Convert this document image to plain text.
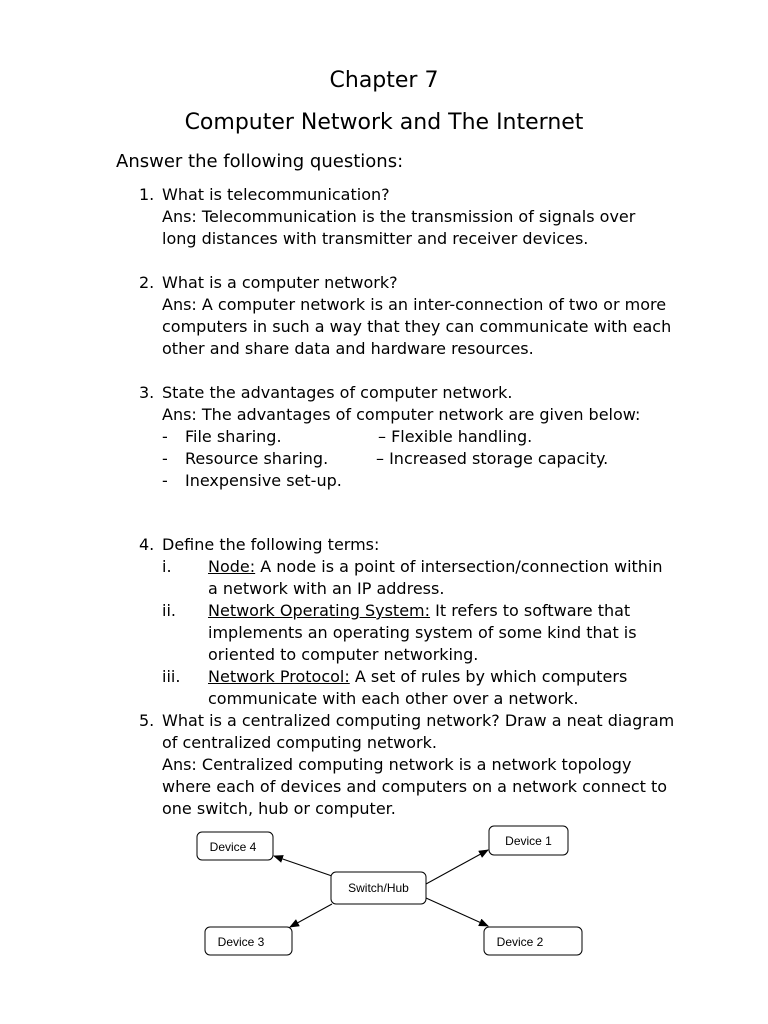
Chapter 7
Computer Network and The Internet
Answer the following questions:
1. What is telecommunication?
Ans: Telecommunication is the transmission of signals over
long distances with transmitter and receiver devices.
2. What is a computer network?
Ans: A computer network is an inter-connection of two or more
computers in such a way that they can communicate with each
other and share data and hardware resources.
3. State the advantages of computer network.
Ans: The advantages of computer network are given below:
- File sharing.	– Flexible handling.
- Resource sharing.	– Increased storage capacity.
- Inexpensive set-up.
4. Define the following terms:
i. Node: A node is a point of intersection/connection within
a network with an IP address.
ii. Network Operating System: It refers to software that
implements an operating system of some kind that is
oriented to computer networking.
iii. Network Protocol: A set of rules by which computers
communicate with each other over a network.
5. What is a centralized computing network? Draw a neat diagram
of centralized computing network.
Ans: Centralized computing network is a network topology
where each of devices and computers on a network connect to
one switch, hub or computer.
Switch/Hub
Device 1
Device 2
Device 3
Device 4
